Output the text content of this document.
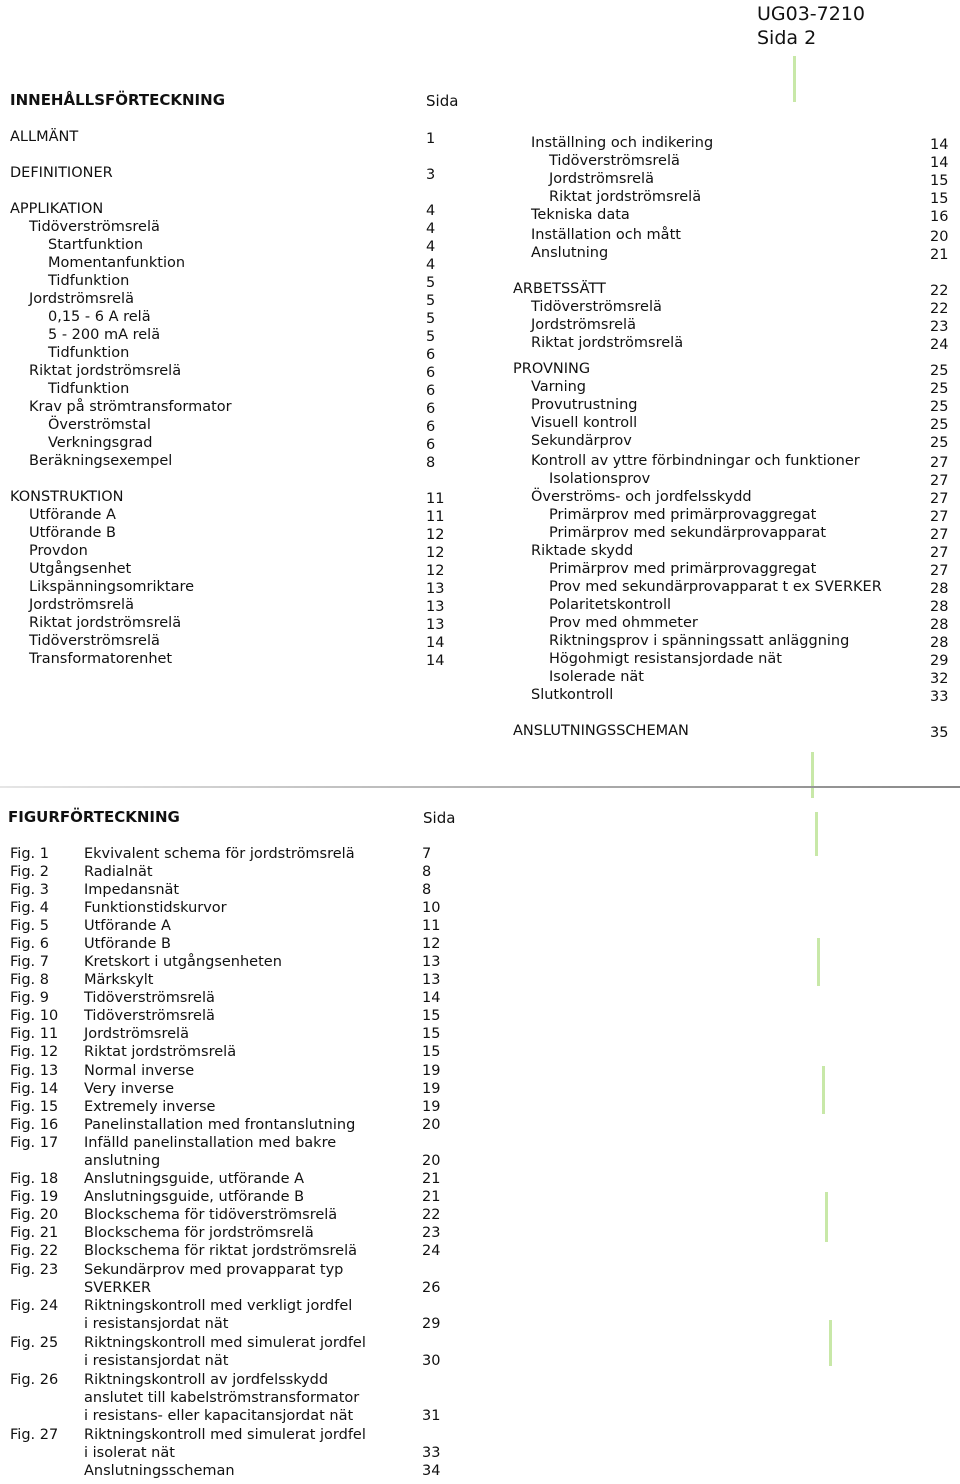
UG03-7210
Sida 2
INNEHÅLLSFÖRTECKNING	Sida
ALLMÄNT	1
DEFINITIONER	3
APPLIKATION	4
Tidöverströmsrelä	4
Startfunktion	4
Momentanfunktion	4
Tidfunktion	5
Jordströmsrelä	5
0,15 - 6 A relä	5
5 - 200 mA relä	5
Tidfunktion	6
Riktat jordströmsrelä	6
Tidfunktion	6
Krav på strömtransformator	6
Överströmstal	6
Verkningsgrad	6
Beräkningsexempel	8
KONSTRUKTION	11
Utförande A	11
Utförande B	12
Provdon	12
Utgångsenhet	12
Likspänningsomriktare	13
Jordströmsrelä	13
Riktat jordströmsrelä	13
Tidöverströmsrelä	14
Transformatorenhet	14
Inställning och indikering	14
Tidöverströmsrelä	14
Jordströmsrelä	15
Riktat jordströmsrelä	15
Tekniska data	16
Inställation och mått	20
Anslutning	21
ARBETSSÄTT	22
Tidöverströmsrelä	22
Jordströmsrelä	23
Riktat jordströmsrelä	24
PROVNING	25
Varning	25
Provutrustning	25
Visuell kontroll	25
Sekundärprov	25
Kontroll av yttre förbindningar och funktioner	27
Isolationsprov	27
Överströms- och jordfelsskydd	27
Primärprov med primärprovaggregat	27
Primärprov med sekundärprovapparat	27
Riktade skydd	27
Primärprov med primärprovaggregat	27
Prov med sekundärprovapparat t ex SVERKER	28
Polaritetskontroll	28
Prov med ohmmeter	28
Riktningsprov i spänningssatt anläggning	28
Högohmigt resistansjordade nät	29
Isolerade nät	32
Slutkontroll	33
ANSLUTNINGSSCHEMAN	35
FIGURFÖRTECKNING	Sida
Fig. 1 Ekvivalent schema för jordströmsrelä	7
Fig. 2 Radialnät	8
Fig. 3 Impedansnät	8
Fig. 4 Funktionstidskurvor	10
Fig. 5 Utförande A	11
Fig. 6 Utförande B	12
Fig. 7 Kretskort i utgångsenheten	13
Fig. 8 Märkskylt	13
Fig. 9 Tidöverströmsrelä	14
Fig. 10 Tidöverströmsrelä	15
Fig. 11 Jordströmsrelä	15
Fig. 12 Riktat jordströmsrelä	15
Fig. 13 Normal inverse	19
Fig. 14 Very inverse	19
Fig. 15 Extremely inverse	19
Fig. 16 Panelinstallation med frontanslutning	20
Fig. 17 Infälld panelinstallation med bakre
anslutning	20
Fig. 18 Anslutningsguide, utförande A	21
Fig. 19 Anslutningsguide, utförande B	21
Fig. 20 Blockschema för tidöverströmsrelä	22
Fig. 21 Blockschema för jordströmsrelä	23
Fig. 22 Blockschema för riktat jordströmsrelä	24
Fig. 23 Sekundärprov med provapparat typ
SVERKER	26
Fig. 24 Riktningskontroll med verkligt jordfel
i resistansjordat nät	29
Fig. 25 Riktningskontroll med simulerat jordfel
i resistansjordat nät	30
Fig. 26 Riktningskontroll av jordfelsskydd
anslutet till kabelströmstransformator
i resistans- eller kapacitansjordat nät	31
Fig. 27 Riktningskontroll med simulerat jordfel
i isolerat nät	33
Anslutningsscheman	34
